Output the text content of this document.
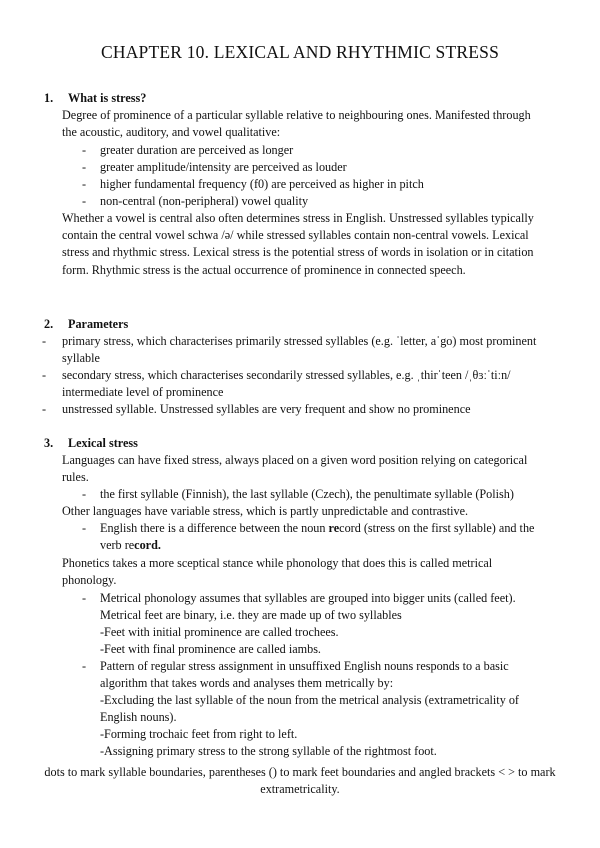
CHAPTER 10. LEXICAL AND RHYTHMIC STRESS

1. What is stress?

Degree of prominence of a particular syllable relative to neighbouring ones. Manifested through the acoustic, auditory, and vowel qualitative:

-	greater duration are perceived as longer
-	greater amplitude/intensity are perceived as louder
-	higher fundamental frequency (f0) are perceived as higher in pitch
-	non-central (non-peripheral) vowel quality

Whether a vowel is central also often determines stress in English. Unstressed syllables typically contain the central vowel schwa /ə/ while stressed syllables contain non-central vowels. Lexical stress and rhythmic stress. Lexical stress is the potential stress of words in isolation or in citation form. Rhythmic stress is the actual occurrence of prominence in connected speech.

2. Parameters

-	primary stress, which characterises primarily stressed syllables (e.g. ˈletter, aˈgo) most prominent syllable
-	secondary stress, which characterises secondarily stressed syllables, e.g. ˌthirˈteen /ˌθɜːˈtiːn/ intermediate level of prominence
-	unstressed syllable. Unstressed syllables are very frequent and show no prominence

3. Lexical stress

Languages can have fixed stress, always placed on a given word position relying on categorical rules.

-	the first syllable (Finnish), the last syllable (Czech), the penultimate syllable (Polish)

Other languages have variable stress, which is partly unpredictable and contrastive.

-	English there is a difference between the noun record (stress on the first syllable) and the verb record.

Phonetics takes a more sceptical stance while phonology that does this is called metrical phonology.

-	Metrical phonology assumes that syllables are grouped into bigger units (called feet). Metrical feet are binary, i.e. they are made up of two syllables

-Feet with initial prominence are called trochees.

-Feet with final prominence are called iambs.

-	Pattern of regular stress assignment in unsuffixed English nouns responds to a basic algorithm that takes words and analyses them metrically by:

-Excluding the last syllable of the noun from the metrical analysis (extrametricality of English nouns).

-Forming trochaic feet from right to left.

-Assigning primary stress to the strong syllable of the rightmost foot.

dots to mark syllable boundaries, parentheses () to mark feet boundaries and angled brackets < > to mark extrametricality.
